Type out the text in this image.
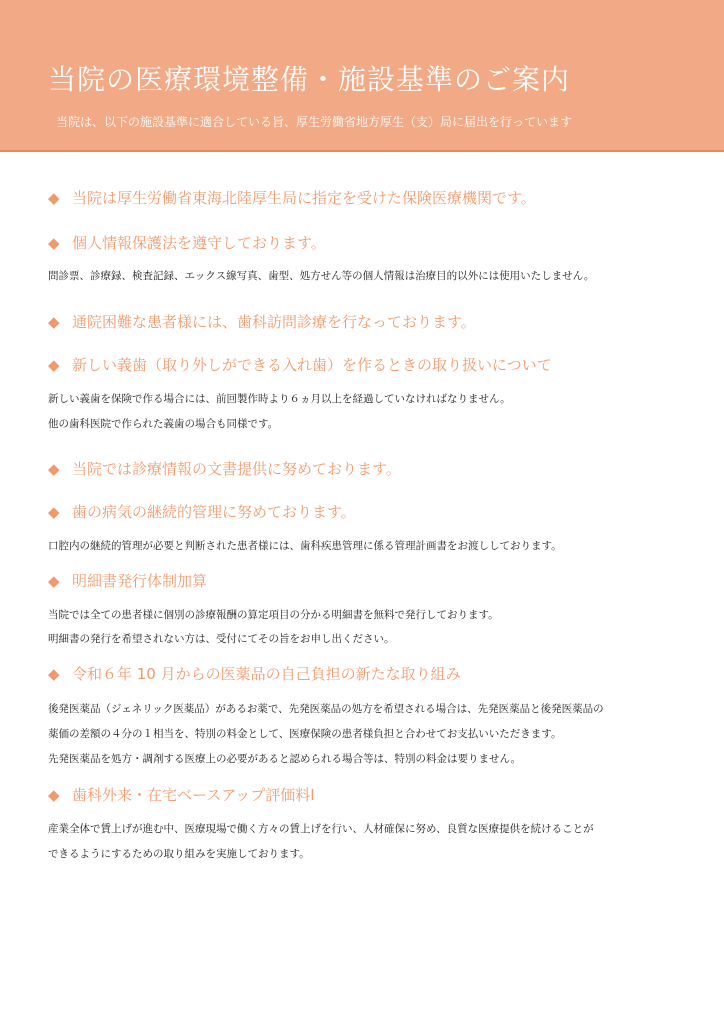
当院の医療環境整備・施設基準のご案内
当院は、以下の施設基準に適合している旨、厚生労働省地方厚生（支）局に届出を行っています
◆ 当院は厚生労働省東海北陸厚生局に指定を受けた保険医療機関です。
◆ 個人情報保護法を遵守しております。
問診票、診療録、検査記録、エックス線写真、歯型、処方せん等の個人情報は治療目的以外には使用いたしません。
◆ 通院困難な患者様には、歯科訪問診療を行なっております。
◆ 新しい義歯（取り外しができる入れ歯）を作るときの取り扱いについて
新しい義歯を保険で作る場合には、前回製作時より６ヵ月以上を経過していなければなりません。
他の歯科医院で作られた義歯の場合も同様です。
◆ 当院では診療情報の文書提供に努めております。
◆ 歯の病気の継続的管理に努めております。
口腔内の継続的管理が必要と判断された患者様には、歯科疾患管理に係る管理計画書をお渡ししております。
◆ 明細書発行体制加算
当院では全ての患者様に個別の診療報酬の算定項目の分かる明細書を無料で発行しております。
明細書の発行を希望されない方は、受付にてその旨をお申し出ください。
◆ 令和６年 10 月からの医薬品の自己負担の新たな取り組み
後発医薬品（ジェネリック医薬品）があるお薬で、先発医薬品の処方を希望される場合は、先発医薬品と後発医薬品の
薬価の差額の４分の１相当を、特別の料金として、医療保険の患者様負担と合わせてお支払いいただきます。
先発医薬品を処方・調剤する医療上の必要があると認められる場合等は、特別の料金は要りません。
◆ 歯科外来・在宅ベースアップ評価料Ⅰ
産業全体で賃上げが進む中、医療現場で働く方々の賃上げを行い、人材確保に努め、良質な医療提供を続けることが
できるようにするための取り組みを実施しております。
